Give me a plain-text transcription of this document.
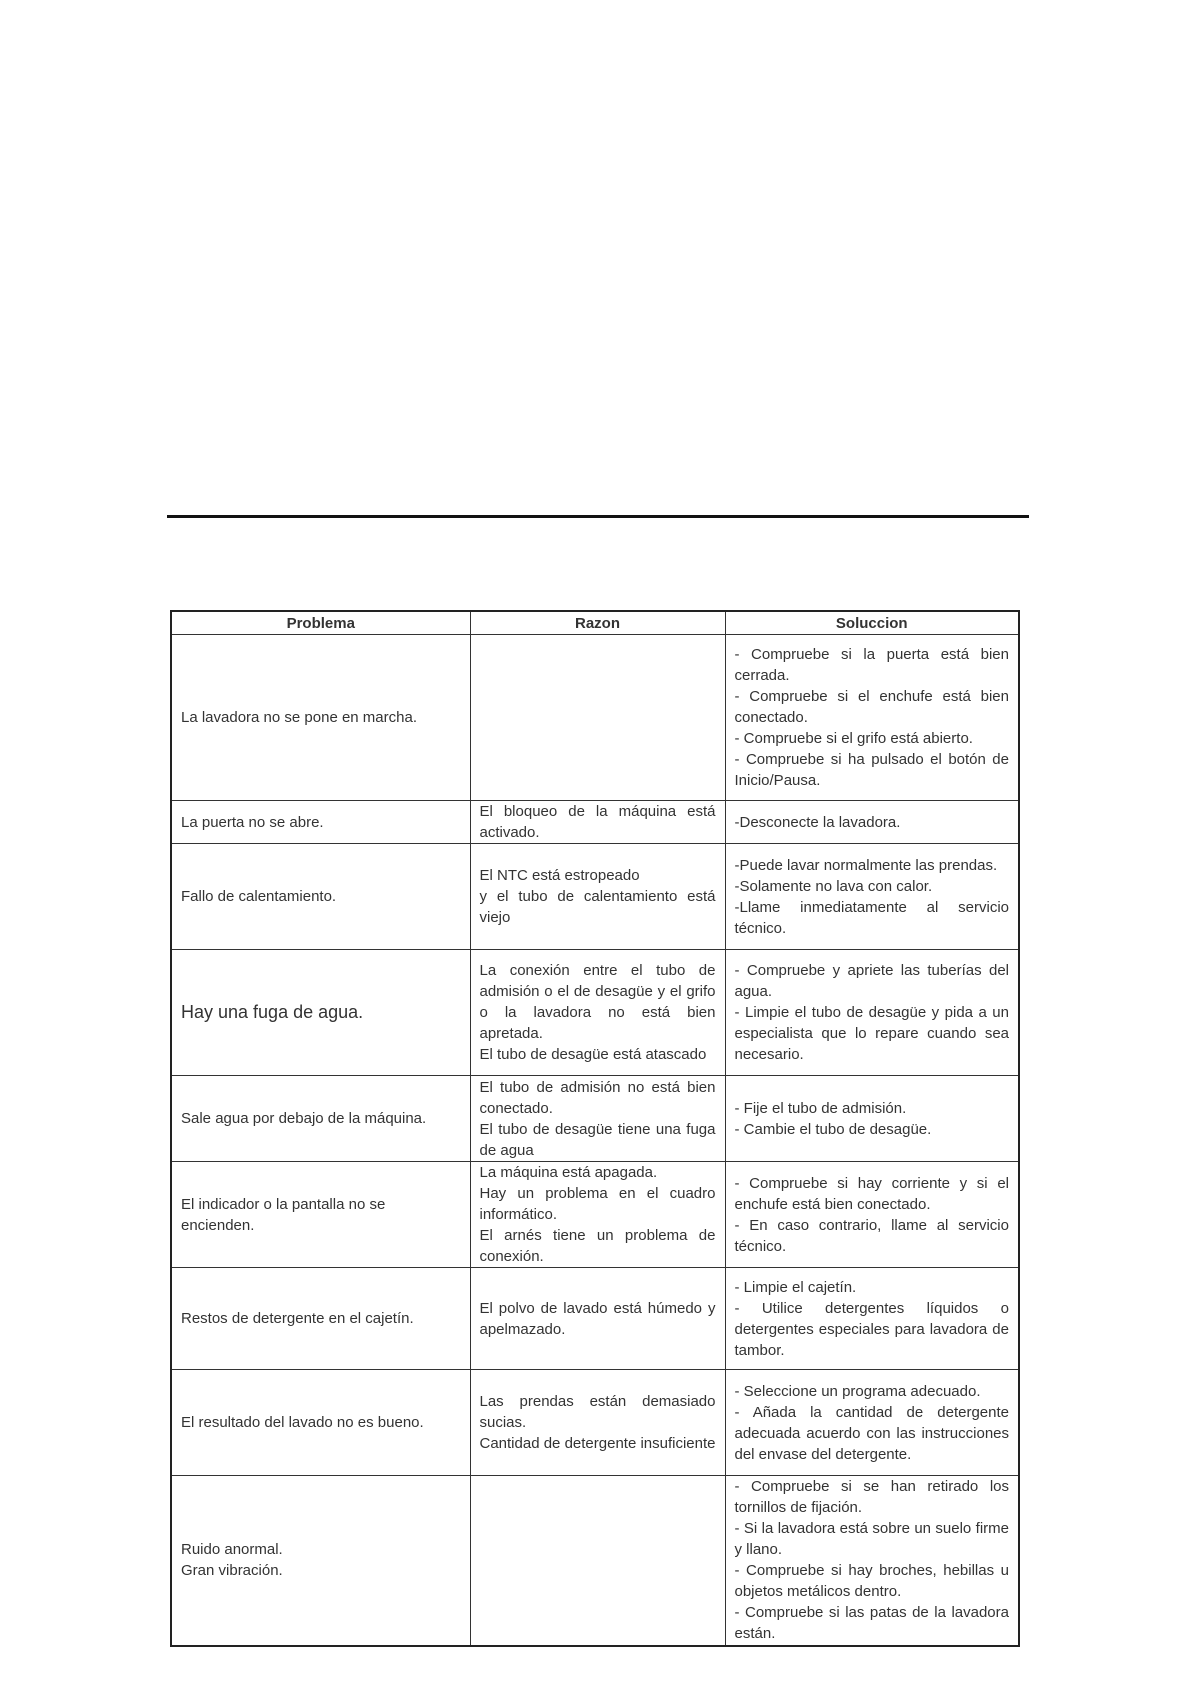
Problema	Razon	Soluccion

La lavadora no se pone en marcha.		- Compruebe si la puerta está bien cerrada.
- Compruebe si el enchufe está bien conectado.
- Compruebe si el grifo está abierto.
- Compruebe si ha pulsado el botón de Inicio/Pausa.

La puerta no se abre.	El bloqueo de la máquina está activado.	-Desconecte la lavadora.

Fallo de calentamiento.	El NTC está estropeado
y el tubo de calentamiento está viejo	-Puede lavar normalmente las prendas.
-Solamente no lava con calor.
-Llame inmediatamente al servicio técnico.

Hay una fuga de agua.	La conexión entre el tubo de admisión o el de desagüe y el grifo o la lavadora no está bien apretada.
El tubo de desagüe está atascado	- Compruebe y apriete las tuberías del agua.
- Limpie el tubo de desagüe y pida a un especialista que lo repare cuando sea necesario.

Sale agua por debajo de la máquina.	El tubo de admisión no está bien conectado.
El tubo de desagüe tiene una fuga de agua	- Fije el tubo de admisión.
- Cambie el tubo de desagüe.

El indicador o la pantalla no se encienden.	La máquina está apagada.
Hay un problema en el cuadro informático.
El arnés tiene un problema de conexión.	- Compruebe si hay corriente y si el enchufe está bien conectado.
- En caso contrario, llame al servicio técnico.

Restos de detergente en el cajetín.	El polvo de lavado está húmedo y apelmazado.	- Limpie el cajetín.
- Utilice detergentes líquidos o detergentes especiales para lavadora de tambor.

El resultado del lavado no es bueno.	Las prendas están demasiado sucias.
Cantidad de detergente insuficiente	- Seleccione un programa adecuado.
- Añada la cantidad de detergente adecuada acuerdo con las instrucciones del envase del detergente.

Ruido anormal.
Gran vibración.		- Compruebe si se han retirado los tornillos de fijación.
- Si la lavadora está sobre un suelo firme y llano.
- Compruebe si hay broches, hebillas u objetos metálicos dentro.
- Compruebe si las patas de la lavadora están.
